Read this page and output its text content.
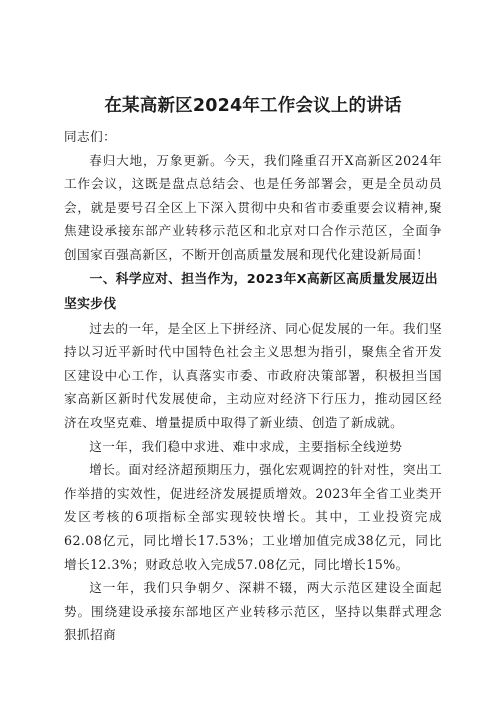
在某高新区2024年工作会议上的讲话

同志们：

春归大地，万象更新。今天，我们隆重召开X高新区2024年工作会议，这既是盘点总结会、也是任务部署会，更是全员动员会，就是要号召全区上下深入贯彻中央和省市委重要会议精神,聚焦建设承接东部产业转移示范区和北京对口合作示范区，全面争创国家百强高新区，不断开创高质量发展和现代化建设新局面！

一、科学应对、担当作为，2023年X高新区高质量发展迈出坚实步伐

过去的一年，是全区上下拼经济、同心促发展的一年。我们坚持以习近平新时代中国特色社会主义思想为指引，聚焦全省开发区建设中心工作，认真落实市委、市政府决策部署，积极担当国家高新区新时代发展使命，主动应对经济下行压力，推动园区经济在攻坚克难、增量提质中取得了新业绩、创造了新成就。

这一年，我们稳中求进、难中求成，主要指标全线逆势

增长。面对经济超预期压力，强化宏观调控的针对性，突出工作举措的实效性，促进经济发展提质增效。2023年全省工业类开发区考核的6项指标全部实现较快增长。其中，工业投资完成62.08亿元，同比增长17.53%；工业增加值完成38亿元，同比增长12.3%；财政总收入完成57.08亿元，同比增长15%。

这一年，我们只争朝夕、深耕不辍，两大示范区建设全面起势。围绕建设承接东部地区产业转移示范区，坚持以集群式理念狠抓招商
